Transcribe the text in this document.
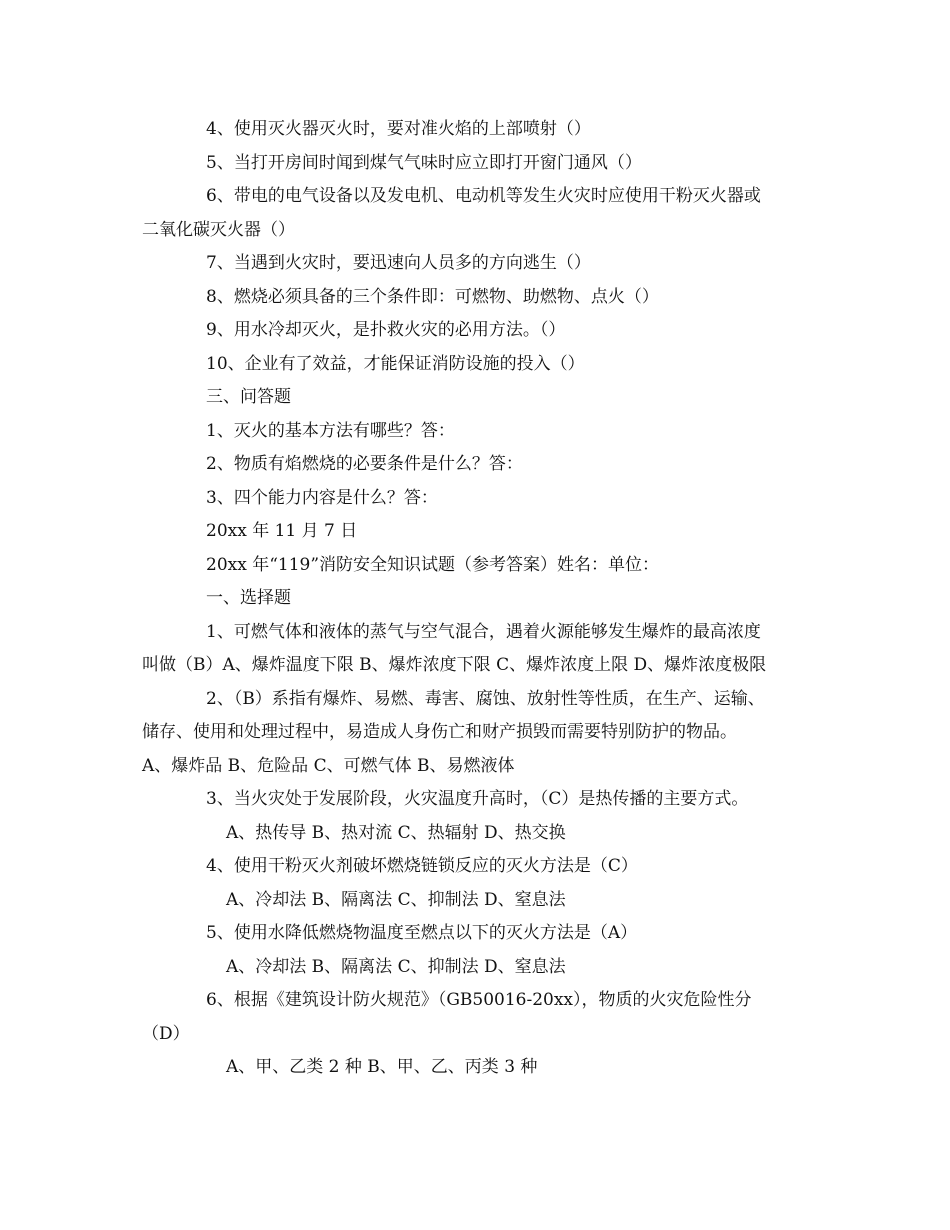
4、使用灭火器灭火时，要对准火焰的上部喷射（）
5、当打开房间时闻到煤气气味时应立即打开窗门通风（）
6、带电的电气设备以及发电机、电动机等发生火灾时应使用干粉灭火器或
二氧化碳灭火器（）
7、当遇到火灾时，要迅速向人员多的方向逃生（）
8、燃烧必须具备的三个条件即：可燃物、助燃物、点火（）
9、用水冷却灭火，是扑救火灾的必用方法。（）
10、企业有了效益，才能保证消防设施的投入（）
三、问答题
1、灭火的基本方法有哪些？答：
2、物质有焰燃烧的必要条件是什么？答：
3、四个能力内容是什么？答：
20xx 年 11 月 7 日
20xx 年“119”消防安全知识试题（参考答案）姓名：单位：
一、选择题
1、可燃气体和液体的蒸气与空气混合，遇着火源能够发生爆炸的最高浓度
叫做（B）A、爆炸温度下限 B、爆炸浓度下限 C、爆炸浓度上限 D、爆炸浓度极限
2、（B）系指有爆炸、易燃、毒害、腐蚀、放射性等性质，在生产、运输、
储存、使用和处理过程中，易造成人身伤亡和财产损毁而需要特别防护的物品。
A、爆炸品 B、危险品 C、可燃气体 B、易燃液体
3、当火灾处于发展阶段，火灾温度升高时，（C）是热传播的主要方式。
A、热传导 B、热对流 C、热辐射 D、热交换
4、使用干粉灭火剂破坏燃烧链锁反应的灭火方法是（C）
A、冷却法 B、隔离法 C、抑制法 D、窒息法
5、使用水降低燃烧物温度至燃点以下的灭火方法是（A）
A、冷却法 B、隔离法 C、抑制法 D、窒息法
6、根据《建筑设计防火规范》（GB50016-20xx），物质的火灾危险性分
（D）
A、甲、乙类 2 种 B、甲、乙、丙类 3 种
